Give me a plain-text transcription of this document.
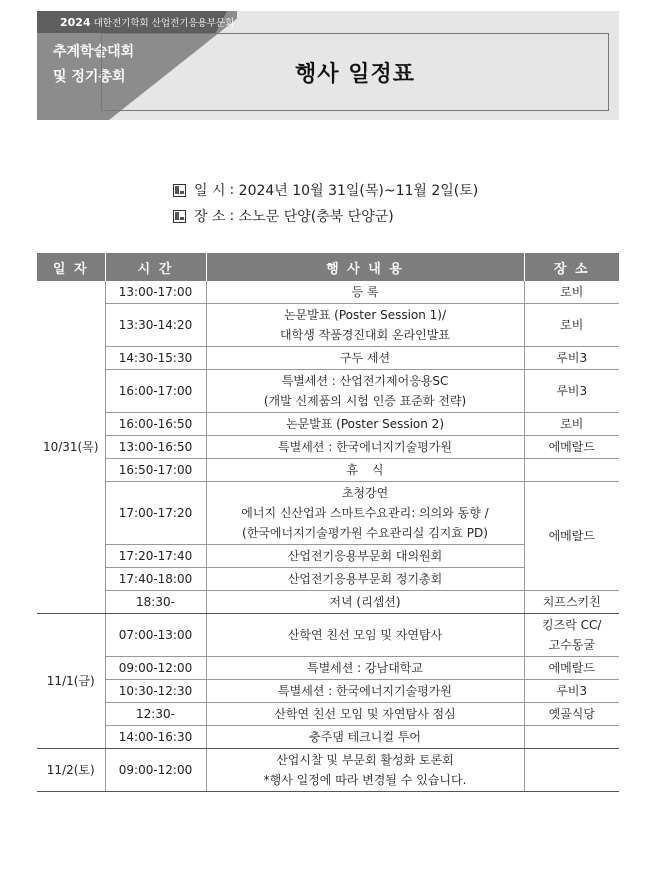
2024 대한전기학회 산업전기응용부문회
추계학술대회
및 정기총회	행사 일정표
일 시 : 2024년 10월 31일(목)~11월 2일(토)
장 소 : 소노문 단양(충북 단양군)
일 자	시 간	행 사 내 용	장 소
10/31(목)	13:00-17:00	등 록	로비
	13:30-14:20	논문발표 (Poster Session 1)/
대학생 작품경진대회 온라인발표	로비
	14:30-15:30	구두 세션	루비3
	16:00-17:00	특별세션 : 산업전기제어응용SC
(개발 신제품의 시험 인증 표준화 전략)	루비3
	16:00-16:50	논문발표 (Poster Session 2)	로비
	13:00-16:50	특별세션 : 한국에너지기술평가원	에메랄드
	16:50-17:00	휴 식	

	17:00-17:20	초청강연
에너지 신산업과 스마트수요관리: 의의와 동향 /
(한국에너지기술평가원 수요관리실 김지효 PD)	에메랄드
	17:20-17:40	산업전기응용부문회 대의원회	

	17:40-18:00	산업전기응용부문회 정기총회	

	18:30-	저녁 (리셉션)	치프스키친
11/1(금)	07:00-13:00	산학연 친선 모임 및 자연탐사	킹즈락 CC/
고수동굴

	09:00-12:00	특별세션 : 강남대학교	에메랄드
	10:30-12:30	특별세션 : 한국에너지기술평가원	루비3
	12:30-	산학연 친선 모임 및 자연탐사 점심	옛골식당
	14:00-16:30	충주댐 테크니컬 투어	

11/2(토)	09:00-12:00	산업시찰 및 부문회 활성화 토론회
*행사 일정에 따라 변경될 수 있습니다.	
